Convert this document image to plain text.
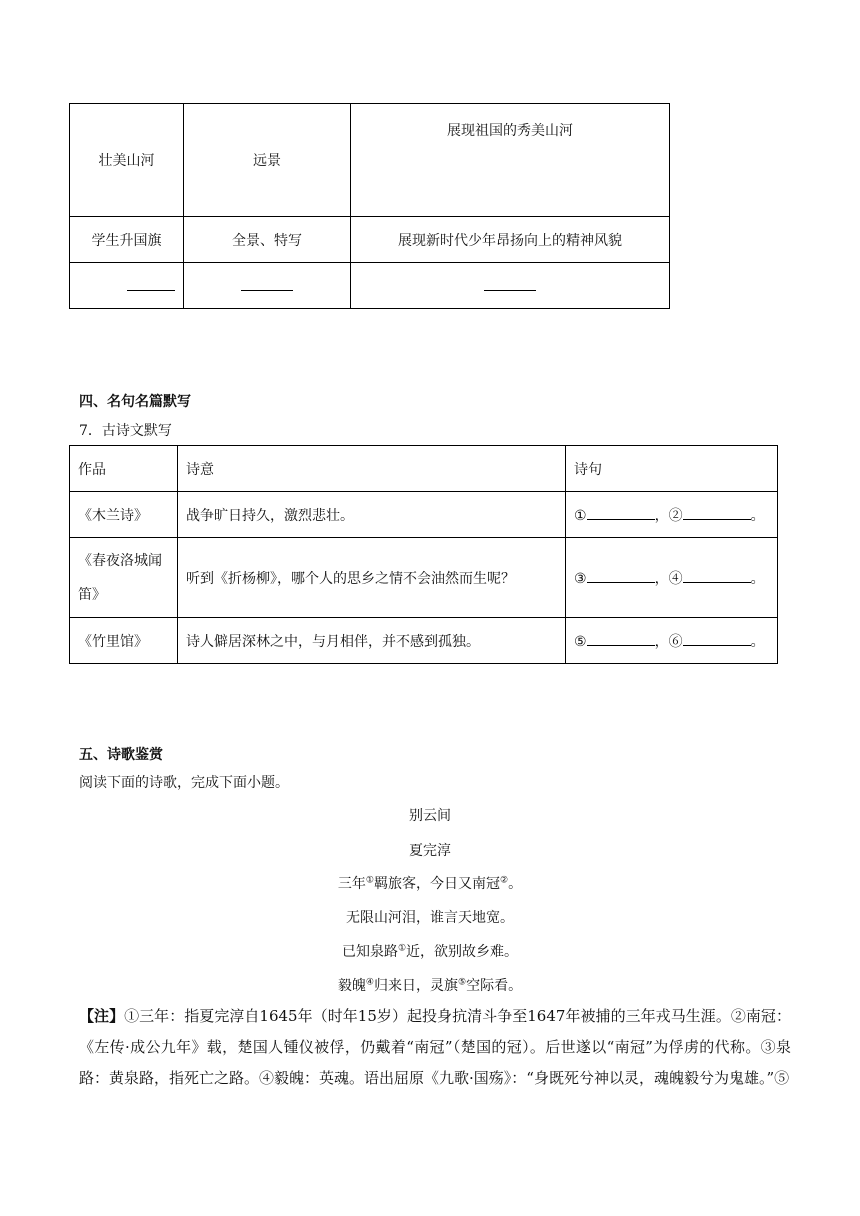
壮美山河	远景	展现祖国的秀美山河
学生升国旗	全景、特写	展现新时代少年昂扬向上的精神风貌

四、名句名篇默写
7．古诗文默写
作品	诗意	诗句
《木兰诗》	战争旷日持久，激烈悲壮。	① ，② 。
《春夜洛城闻
笛》	听到《折杨柳》，哪个人的思乡之情不会油然而生呢？	③ ，④ 。
《竹里馆》	诗人僻居深林之中，与月相伴，并不感到孤独。	⑤ ，⑥ 。
五、诗歌鉴赏
阅读下面的诗歌，完成下面小题。
别云间
夏完淳
三年①羁旅客，今日又南冠②。
无限山河泪，谁言天地宽。
已知泉路①近，欲别故乡难。
毅魄④归来日，灵旗⑤空际看。
【注】①三年：指夏完淳自1645年（时年15岁）起投身抗清斗争至1647年被捕的三年戎马生涯。②南冠：《左传·成公九年》载，楚国人锺仪被俘，仍戴着“南冠”（楚国的冠）。后世遂以“南冠”为俘虏的代称。③泉路：黄泉路，指死亡之路。④毅魄：英魂。语出屈原《九歌·国殇》：“身既死兮神以灵，魂魄毅兮为鬼雄。”⑤
